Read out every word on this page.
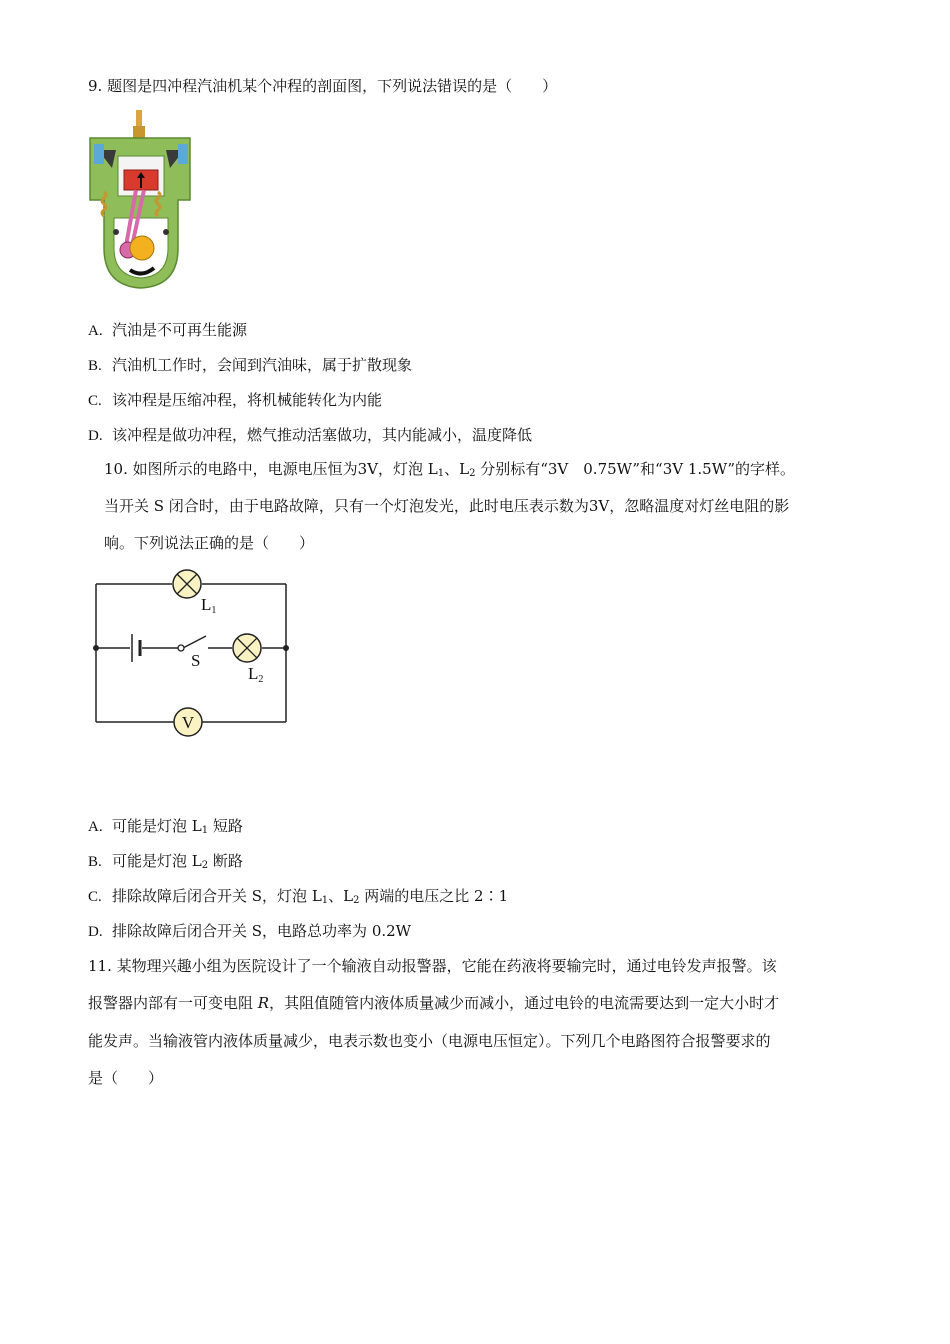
9. 题图是四冲程汽油机某个冲程的剖面图，下列说法错误的是（　　）
A. 汽油是不可再生能源
B. 汽油机工作时，会闻到汽油味，属于扩散现象
C. 该冲程是压缩冲程，将机械能转化为内能
D. 该冲程是做功冲程，燃气推动活塞做功，其内能减小，温度降低
10. 如图所示的电路中，电源电压恒为3V，灯泡 $L_1$、$L_2$ 分别标有“3V　0.75W”和“3V 1.5W”的字样。
当开关 S 闭合时，由于电路故障，只有一个灯泡发光，此时电压表示数为3V，忽略温度对灯丝电阻的影
响。下列说法正确的是（　　）
V
L1
S
L2
A. 可能是灯泡 $L_1$ 短路
B. 可能是灯泡 $L_2$ 断路
C. 排除故障后闭合开关 S，灯泡 $L_1$、$L_2$ 两端的电压之比 2∶1
D. 排除故障后闭合开关 S，电路总功率为 0.2W
11. 某物理兴趣小组为医院设计了一个输液自动报警器，它能在药液将要输完时，通过电铃发声报警。该
报警器内部有一可变电阻 R，其阻值随管内液体质量减少而减小，通过电铃的电流需要达到一定大小时才
能发声。当输液管内液体质量减少，电表示数也变小（电源电压恒定）。下列几个电路图符合报警要求的
是（　　）
